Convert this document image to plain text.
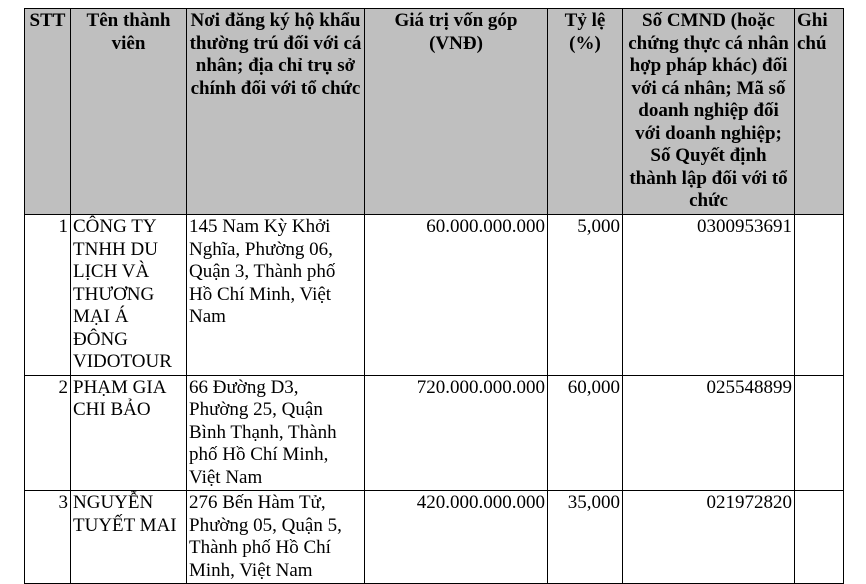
STT	Tên thành viên	Nơi đăng ký hộ khẩu thường trú đối với cá nhân; địa chỉ trụ sở chính đối với tổ chức	Giá trị vốn góp (VNĐ)	Tỷ lệ (%)	Số CMND (hoặc chứng thực cá nhân hợp pháp khác) đối với cá nhân; Mã số doanh nghiệp đối với doanh nghiệp; Số Quyết định thành lập đối với tổ chức	Ghi chú
1	CÔNG TY TNHH DU LỊCH VÀ THƯƠNG MẠI Á ĐÔNG VIDOTOUR	145 Nam Kỳ Khởi Nghĩa, Phường 06, Quận 3, Thành phố Hồ Chí Minh, Việt Nam	60.000.000.000	5,000	0300953691	
2	PHẠM GIA CHI BẢO	66 Đường D3, Phường 25, Quận Bình Thạnh, Thành phố Hồ Chí Minh, Việt Nam	720.000.000.000	60,000	025548899	
3	NGUYỄN TUYẾT MAI	276 Bến Hàm Tử, Phường 05, Quận 5, Thành phố Hồ Chí Minh, Việt Nam	420.000.000.000	35,000	021972820	
